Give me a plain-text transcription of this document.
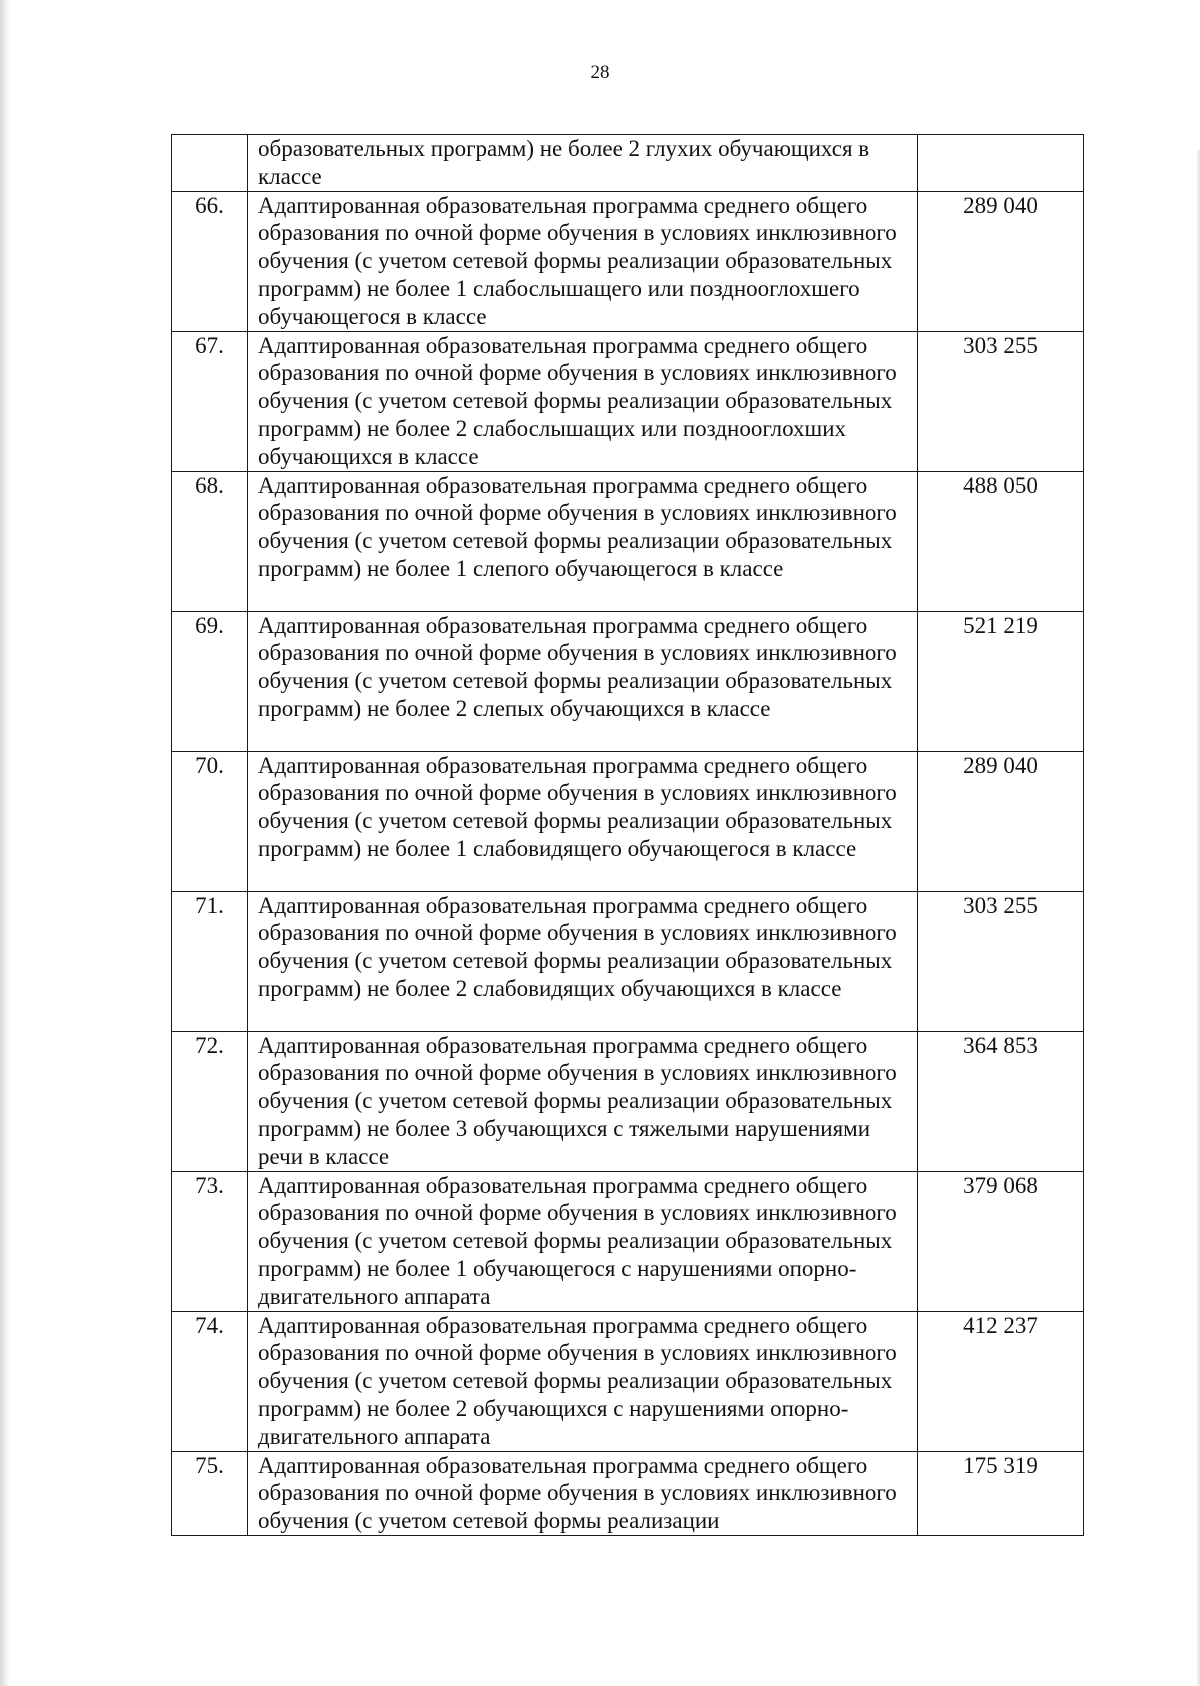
28
	образовательных программ) не более 2 глухих обучающихся в классе	
66.	Адаптированная образовательная программа среднего общего образования по очной форме обучения в условиях инклюзивного обучения (с учетом сетевой формы реализации образовательных программ) не более 1 слабослышащего или позднооглохшего обучающегося в классе	289 040
67.	Адаптированная образовательная программа среднего общего образования по очной форме обучения в условиях инклюзивного обучения (с учетом сетевой формы реализации образовательных программ) не более 2 слабослышащих или позднооглохших обучающихся в классе	303 255
68.	Адаптированная образовательная программа среднего общего образования по очной форме обучения в условиях инклюзивного обучения (с учетом сетевой формы реализации образовательных программ) не более 1 слепого обучающегося в классе	488 050
69.	Адаптированная образовательная программа среднего общего образования по очной форме обучения в условиях инклюзивного обучения (с учетом сетевой формы реализации образовательных программ) не более 2 слепых обучающихся в классе	521 219
70.	Адаптированная образовательная программа среднего общего образования по очной форме обучения в условиях инклюзивного обучения (с учетом сетевой формы реализации образовательных программ) не более 1 слабовидящего обучающегося в классе	289 040
71.	Адаптированная образовательная программа среднего общего образования по очной форме обучения в условиях инклюзивного обучения (с учетом сетевой формы реализации образовательных программ) не более 2 слабовидящих обучающихся в классе	303 255
72.	Адаптированная образовательная программа среднего общего образования по очной форме обучения в условиях инклюзивного обучения (с учетом сетевой формы реализации образовательных программ) не более 3 обучающихся с тяжелыми нарушениями речи в классе	364 853
73.	Адаптированная образовательная программа среднего общего образования по очной форме обучения в условиях инклюзивного обучения (с учетом сетевой формы реализации образовательных программ) не более 1 обучающегося с нарушениями опорно-двигательного аппарата	379 068
74.	Адаптированная образовательная программа среднего общего образования по очной форме обучения в условиях инклюзивного обучения (с учетом сетевой формы реализации образовательных программ) не более 2 обучающихся с нарушениями опорно-двигательного аппарата	412 237
75.	Адаптированная образовательная программа среднего общего образования по очной форме обучения в условиях инклюзивного обучения (с учетом сетевой формы реализации	175 319
